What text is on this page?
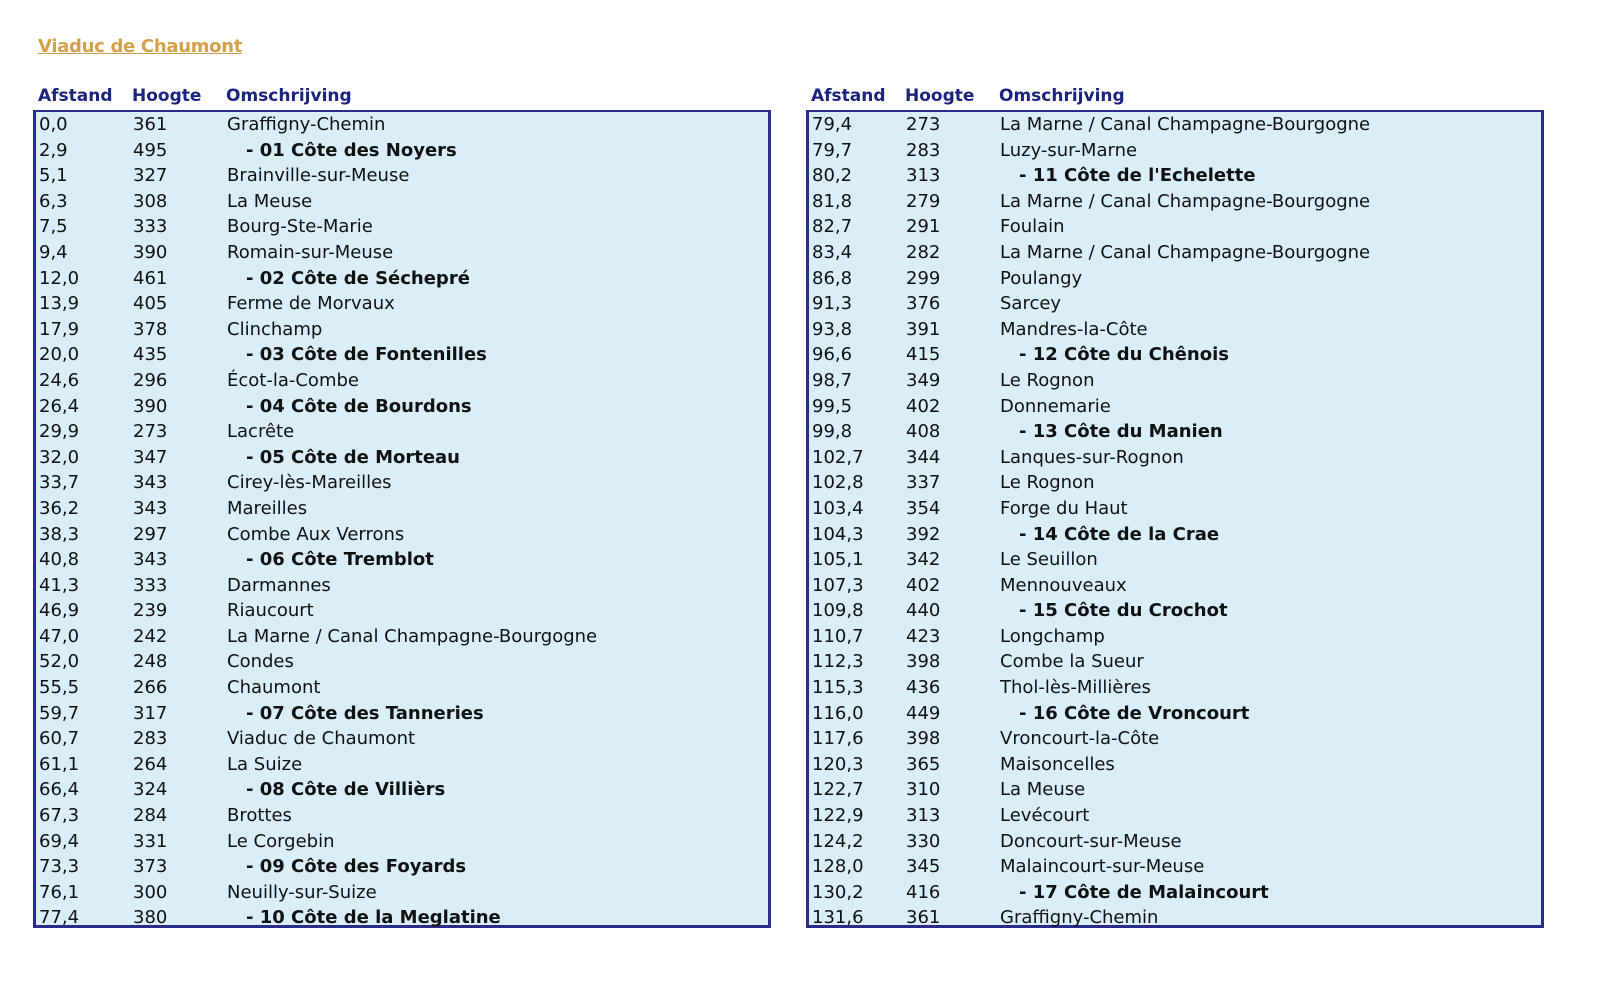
Viaduc de Chaumont
Afstand Hoogte Omschrijving
0,0	361	Graffigny-Chemin
2,9	495	- 01 Côte des Noyers
5,1	327	Brainville-sur-Meuse
6,3	308	La Meuse
7,5	333	Bourg-Ste-Marie
9,4	390	Romain-sur-Meuse
12,0	461	- 02 Côte de Séchepré
13,9	405	Ferme de Morvaux
17,9	378	Clinchamp
20,0	435	- 03 Côte de Fontenilles
24,6	296	Écot-la-Combe
26,4	390	- 04 Côte de Bourdons
29,9	273	Lacrête
32,0	347	- 05 Côte de Morteau
33,7	343	Cirey-lès-Mareilles
36,2	343	Mareilles
38,3	297	Combe Aux Verrons
40,8	343	- 06 Côte Tremblot
41,3	333	Darmannes
46,9	239	Riaucourt
47,0	242	La Marne / Canal Champagne-Bourgogne
52,0	248	Condes
55,5	266	Chaumont
59,7	317	- 07 Côte des Tanneries
60,7	283	Viaduc de Chaumont
61,1	264	La Suize
66,4	324	- 08 Côte de Villièrs
67,3	284	Brottes
69,4	331	Le Corgebin
73,3	373	- 09 Côte des Foyards
76,1	300	Neuilly-sur-Suize
77,4	380	- 10 Côte de la Meglatine
Afstand Hoogte Omschrijving
79,4	273	La Marne / Canal Champagne-Bourgogne
79,7	283	Luzy-sur-Marne
80,2	313	- 11 Côte de l'Echelette
81,8	279	La Marne / Canal Champagne-Bourgogne
82,7	291	Foulain
83,4	282	La Marne / Canal Champagne-Bourgogne
86,8	299	Poulangy
91,3	376	Sarcey
93,8	391	Mandres-la-Côte
96,6	415	- 12 Côte du Chênois
98,7	349	Le Rognon
99,5	402	Donnemarie
99,8	408	- 13 Côte du Manien
102,7 344	Lanques-sur-Rognon
102,8 337	Le Rognon
103,4 354	Forge du Haut
104,3 392	- 14 Côte de la Crae
105,1 342	Le Seuillon
107,3 402	Mennouveaux
109,8 440	- 15 Côte du Crochot
110,7 423	Longchamp
112,3 398	Combe la Sueur
115,3 436	Thol-lès-Millières
116,0 449	- 16 Côte de Vroncourt
117,6 398	Vroncourt-la-Côte
120,3 365	Maisoncelles
122,7 310	La Meuse
122,9 313	Levécourt
124,2 330	Doncourt-sur-Meuse
128,0 345	Malaincourt-sur-Meuse
130,2 416	- 17 Côte de Malaincourt
131,6 361	Graffigny-Chemin
